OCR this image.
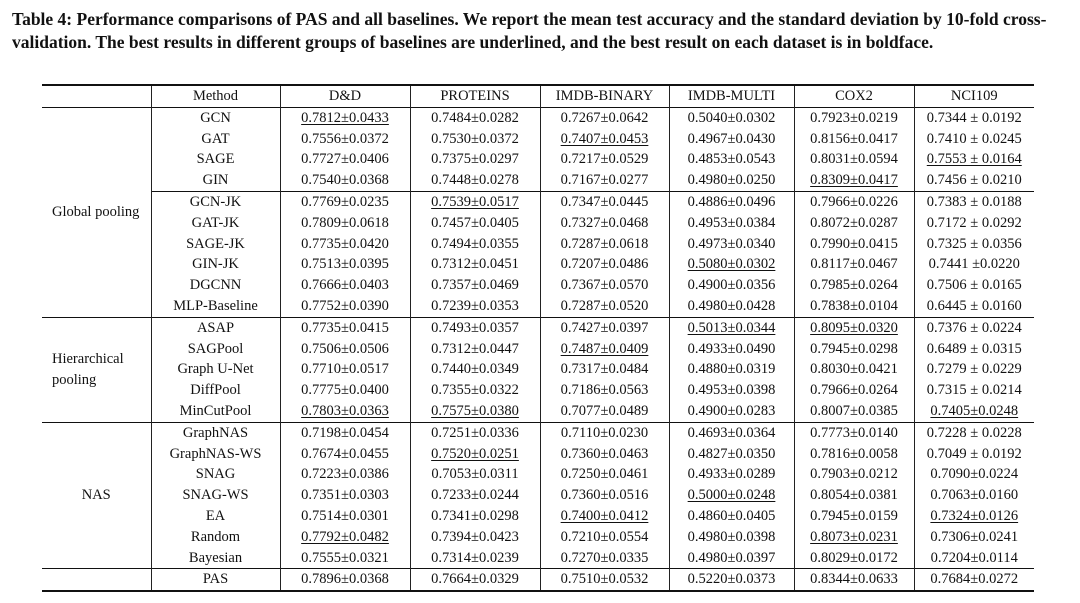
Table 4: Performance comparisons of PAS and all baselines. We report the mean test accuracy and the standard deviation by 10-fold cross-validation. The best results in different groups of baselines are underlined, and the best result on each dataset is in boldface.

	Method	D&D	PROTEINS	IMDB-BINARY	IMDB-MULTI	COX2	NCI109
Global pooling	GCN	0.7812±0.0433	0.7484±0.0282	0.7267±0.0642	0.5040±0.0302	0.7923±0.0219	0.7344 ± 0.0192
	GAT	0.7556±0.0372	0.7530±0.0372	0.7407±0.0453	0.4967±0.0430	0.8156±0.0417	0.7410 ± 0.0245
	SAGE	0.7727±0.0406	0.7375±0.0297	0.7217±0.0529	0.4853±0.0543	0.8031±0.0594	0.7553 ± 0.0164
	GIN	0.7540±0.0368	0.7448±0.0278	0.7167±0.0277	0.4980±0.0250	0.8309±0.0417	0.7456 ± 0.0210
	GCN-JK	0.7769±0.0235	0.7539±0.0517	0.7347±0.0445	0.4886±0.0496	0.7966±0.0226	0.7383 ± 0.0188
	GAT-JK	0.7809±0.0618	0.7457±0.0405	0.7327±0.0468	0.4953±0.0384	0.8072±0.0287	0.7172 ± 0.0292
	SAGE-JK	0.7735±0.0420	0.7494±0.0355	0.7287±0.0618	0.4973±0.0340	0.7990±0.0415	0.7325 ± 0.0356
	GIN-JK	0.7513±0.0395	0.7312±0.0451	0.7207±0.0486	0.5080±0.0302	0.8117±0.0467	0.7441 ±0.0220
	DGCNN	0.7666±0.0403	0.7357±0.0469	0.7367±0.0570	0.4900±0.0356	0.7985±0.0264	0.7506 ± 0.0165
	MLP-Baseline	0.7752±0.0390	0.7239±0.0353	0.7287±0.0520	0.4980±0.0428	0.7838±0.0104	0.6445 ± 0.0160
Hierarchical pooling	ASAP	0.7735±0.0415	0.7493±0.0357	0.7427±0.0397	0.5013±0.0344	0.8095±0.0320	0.7376 ± 0.0224
	SAGPool	0.7506±0.0506	0.7312±0.0447	0.7487±0.0409	0.4933±0.0490	0.7945±0.0298	0.6489 ± 0.0315
	Graph U-Net	0.7710±0.0517	0.7440±0.0349	0.7317±0.0484	0.4880±0.0319	0.8030±0.0421	0.7279 ± 0.0229
	DiffPool	0.7775±0.0400	0.7355±0.0322	0.7186±0.0563	0.4953±0.0398	0.7966±0.0264	0.7315 ± 0.0214
	MinCutPool	0.7803±0.0363	0.7575±0.0380	0.7077±0.0489	0.4900±0.0283	0.8007±0.0385	0.7405±0.0248
NAS	GraphNAS	0.7198±0.0454	0.7251±0.0336	0.7110±0.0230	0.4693±0.0364	0.7773±0.0140	0.7228 ± 0.0228
	GraphNAS-WS	0.7674±0.0455	0.7520±0.0251	0.7360±0.0463	0.4827±0.0350	0.7816±0.0058	0.7049 ± 0.0192
	SNAG	0.7223±0.0386	0.7053±0.0311	0.7250±0.0461	0.4933±0.0289	0.7903±0.0212	0.7090±0.0224
	SNAG-WS	0.7351±0.0303	0.7233±0.0244	0.7360±0.0516	0.5000±0.0248	0.8054±0.0381	0.7063±0.0160
	EA	0.7514±0.0301	0.7341±0.0298	0.7400±0.0412	0.4860±0.0405	0.7945±0.0159	0.7324±0.0126
	Random	0.7792±0.0482	0.7394±0.0423	0.7210±0.0554	0.4980±0.0398	0.8073±0.0231	0.7306±0.0241
	Bayesian	0.7555±0.0321	0.7314±0.0239	0.7270±0.0335	0.4980±0.0397	0.8029±0.0172	0.7204±0.0114
	PAS	0.7896±0.0368	0.7664±0.0329	0.7510±0.0532	0.5220±0.0373	0.8344±0.0633	0.7684±0.0272
